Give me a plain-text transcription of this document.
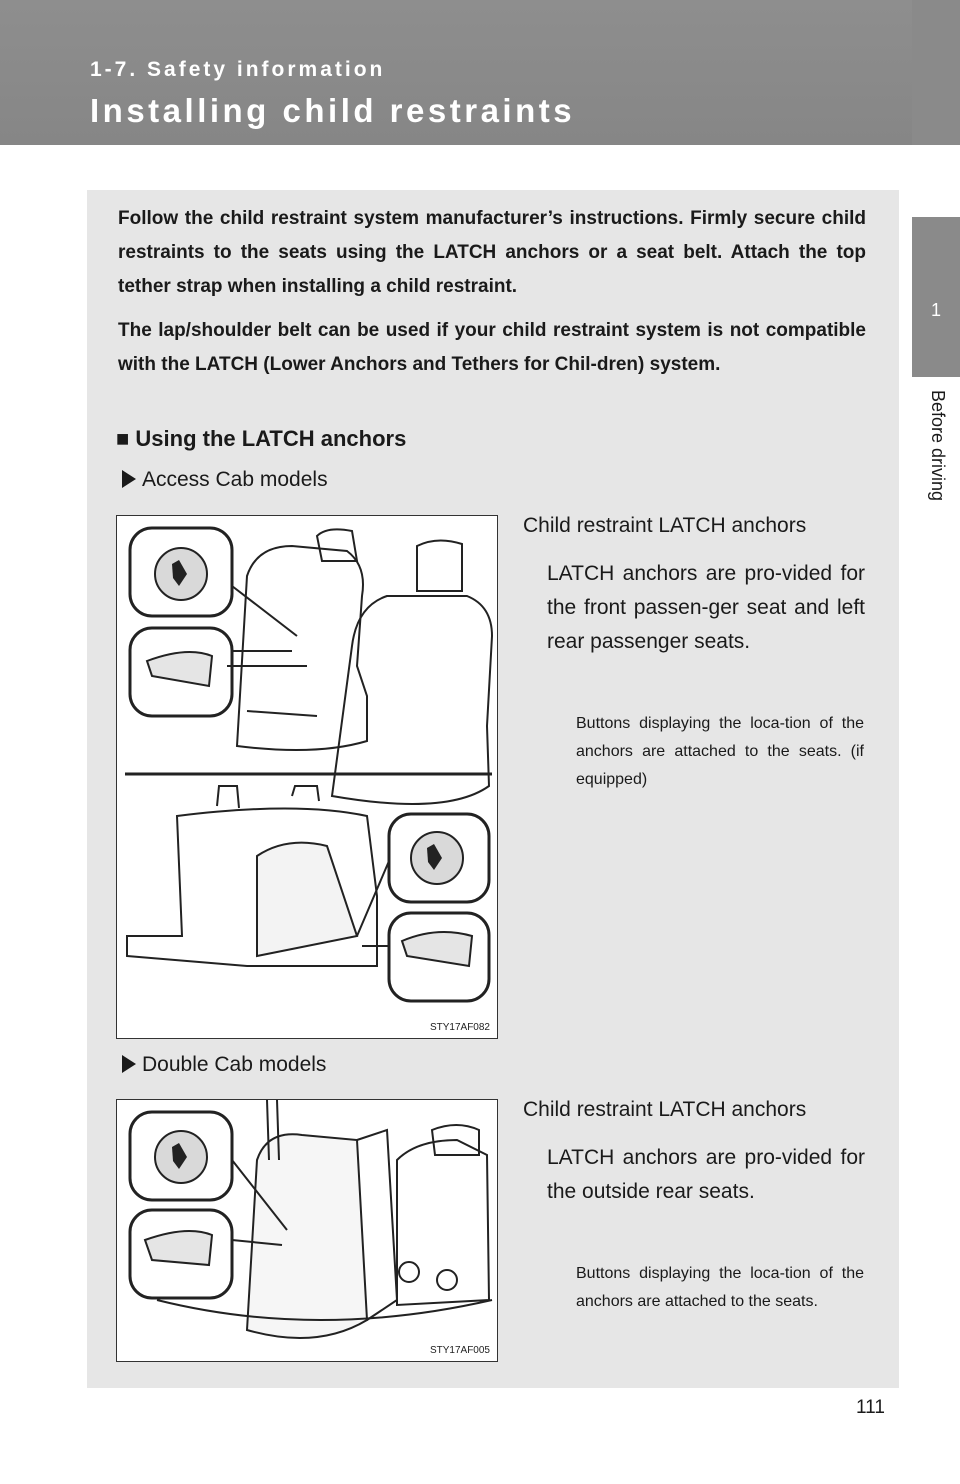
1-7. Safety information
Installing child restraints
1
Before driving
Follow the child restraint system manufacturer’s instructions. Firmly secure child restraints to the seats using the LATCH anchors or a seat belt. Attach the top tether strap when installing a child restraint.
The lap/shoulder belt can be used if your child restraint system is not compatible with the LATCH (Lower Anchors and Tethers for Chil-dren) system.
■ Using the LATCH anchors
Access Cab models
STY17AF082
Child restraint LATCH anchors
LATCH anchors are pro-vided for the front passen-ger seat and left rear passenger seats.
Buttons displaying the loca-tion of the anchors are attached to the seats. (if equipped)
Double Cab models
STY17AF005
Child restraint LATCH anchors
LATCH anchors are pro-vided for the outside rear seats.
Buttons displaying the loca-tion of the anchors are attached to the seats.
111
